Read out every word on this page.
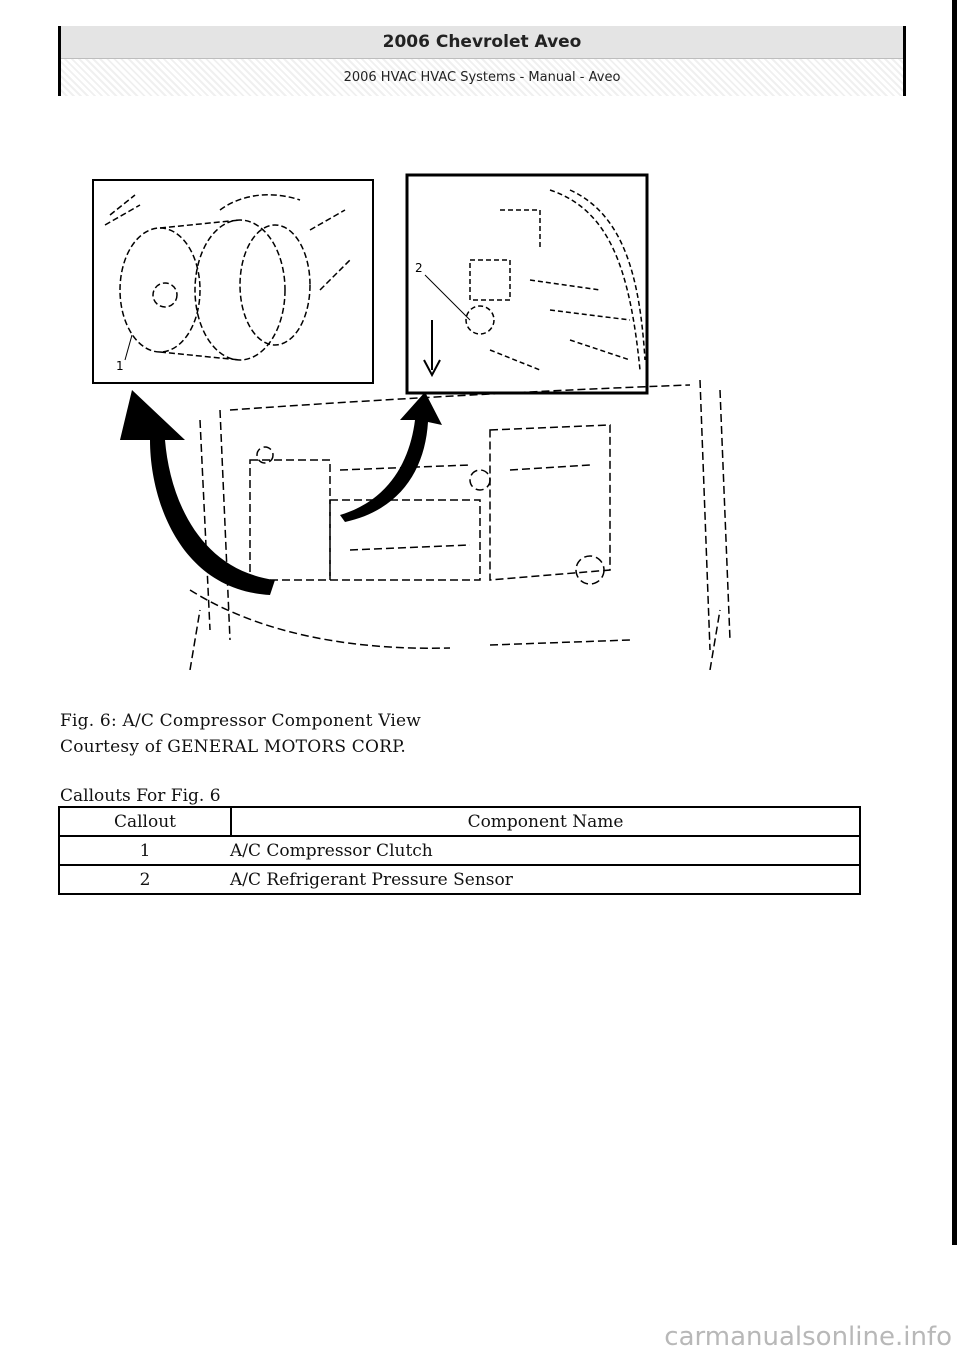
2006 Chevrolet Aveo
2006 HVAC HVAC Systems - Manual - Aveo
1
2
Fig. 6: A/C Compressor Component View
Courtesy of GENERAL MOTORS CORP.
Callouts For Fig. 6
Callout	Component Name
1	A/C Compressor Clutch
2	A/C Refrigerant Pressure Sensor
carmanualsonline.info
